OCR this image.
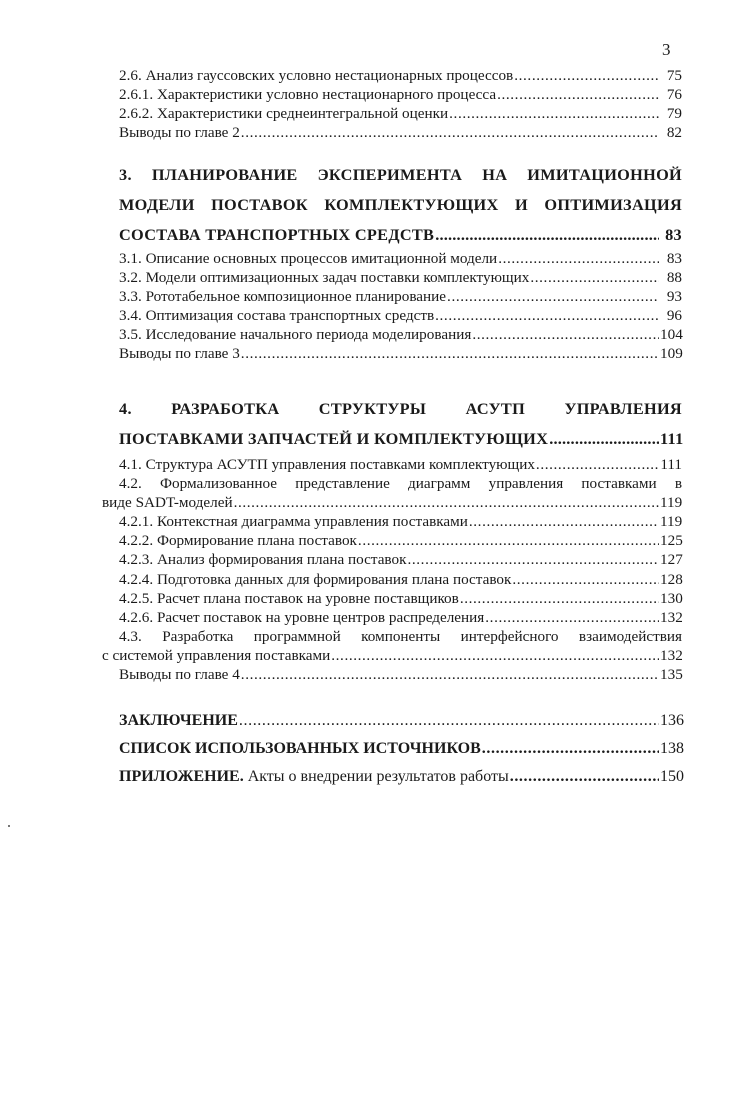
3
2.6. Анализ гауссовских условно нестационарных процессов .....	75
2.6.1. Характеристики условно нестационарного процесса .....	76
2.6.2. Характеристики среднеинтегральной оценки .....	79
Выводы по главе 2 .....	82
3. ПЛАНИРОВАНИЕ ЭКСПЕРИМЕНТА НА ИМИТАЦИОННОЙ
МОДЕЛИ ПОСТАВОК КОМПЛЕКТУЮЩИХ И ОПТИМИЗАЦИЯ
СОСТАВА ТРАНСПОРТНЫХ СРЕДСТВ .....	83
3.1. Описание основных процессов имитационной модели .....	83
3.2. Модели оптимизационных задач поставки комплектующих .....	88
3.3. Рототабельное композиционное планирование .....	93
3.4. Оптимизация состава транспортных средств .....	96
3.5. Исследование начального периода моделирования .....	104
Выводы по главе 3 .....	109
4. РАЗРАБОТКА СТРУКТУРЫ АСУТП УПРАВЛЕНИЯ
ПОСТАВКАМИ ЗАПЧАСТЕЙ И КОМПЛЕКТУЮЩИХ .....	111
4.1. Структура АСУТП управления поставками комплектующих .....	111
4.2. Формализованное представление диаграмм управления поставками в
виде SADT-моделей .....	119
4.2.1. Контекстная диаграмма управления поставками .....	119
4.2.2. Формирование плана поставок .....	125
4.2.3. Анализ формирования плана поставок .....	127
4.2.4. Подготовка данных для формирования плана поставок .....	128
4.2.5. Расчет плана поставок на уровне поставщиков .....	130
4.2.6. Расчет поставок на уровне центров распределения .....	132
4.3. Разработка программной компоненты интерфейсного взаимодействия
с системой управления поставками .....	132
Выводы по главе 4 .....	135
ЗАКЛЮЧЕНИЕ .....	136
СПИСОК ИСПОЛЬЗОВАННЫХ ИСТОЧНИКОВ .....	138
ПРИЛОЖЕНИЕ. Акты о внедрении результатов работы .....	150
